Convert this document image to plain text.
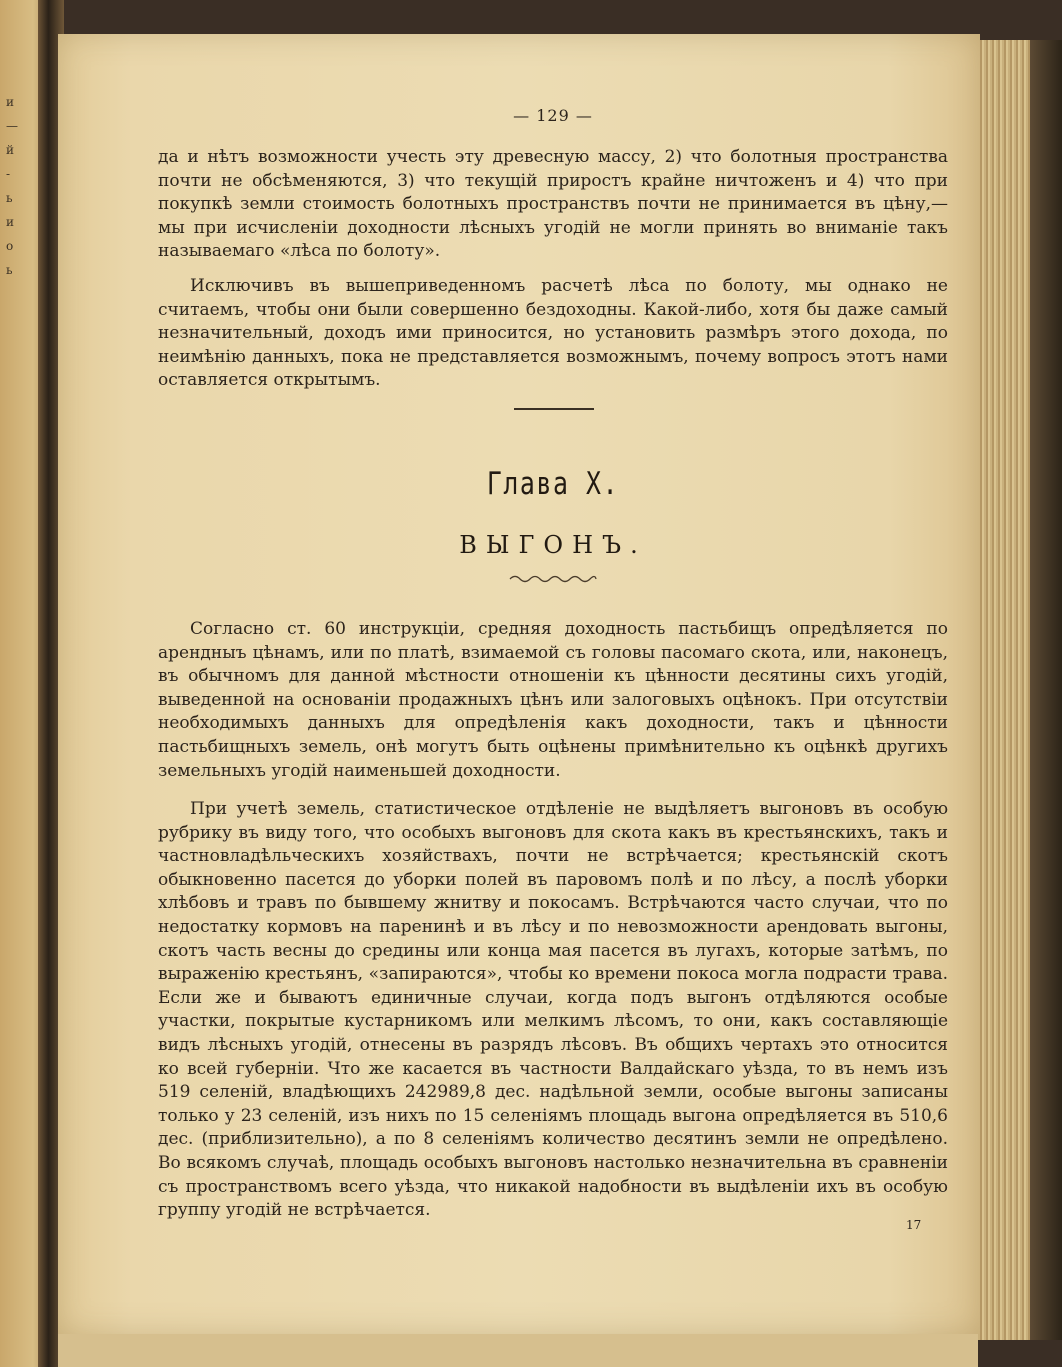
и
—
й
-
ь
и
о
ь
— 129 —

да и нѣтъ возможности учесть эту древесную массу, 2) что болотныя пространства почти не обсѣменяются, 3) что текущій приростъ крайне ничтоженъ и 4) что при покупкѣ земли стоимость болотныхъ пространствъ почти не принимается въ цѣну,—мы при исчисленіи доходности лѣсныхъ угодій не могли принять во вниманіе такъ называемаго «лѣса по болоту».

Исключивъ въ вышеприведенномъ расчетѣ лѣса по болоту, мы однако не считаемъ, чтобы они были совершенно бездоходны. Какой-либо, хотя бы даже самый незначительный, доходъ ими приносится, но установить размѣръ этого дохода, по неимѣнію данныхъ, пока не представляется возможнымъ, почему вопросъ этотъ нами оставляется открытымъ.

Глава X.
ВЫГОНЪ.

Согласно ст. 60 инструкціи, средняя доходность пастьбищъ опредѣляется по арендныъ цѣнамъ, или по платѣ, взимаемой съ головы пасомаго скота, или, наконецъ, въ обычномъ для данной мѣстности отношеніи къ цѣнности десятины сихъ угодій, выведенной на основаніи продажныхъ цѣнъ или залоговыхъ оцѣнокъ. При отсутствіи необходимыхъ данныхъ для опредѣленія какъ доходности, такъ и цѣнности пастьбищныхъ земель, онѣ могутъ быть оцѣнены примѣнительно къ оцѣнкѣ другихъ земельныхъ угодій наименьшей доходности.

При учетѣ земель, статистическое отдѣленіе не выдѣляетъ выгоновъ въ особую рубрику въ виду того, что особыхъ выгоновъ для скота какъ въ крестьянскихъ, такъ и частновладѣльческихъ хозяйствахъ, почти не встрѣчается; крестьянскій скотъ обыкновенно пасется до уборки полей въ паровомъ полѣ и по лѣсу, а послѣ уборки хлѣбовъ и травъ по бывшему жнитву и покосамъ. Встрѣчаются часто случаи, что по недостатку кормовъ на паренинѣ и въ лѣсу и по невозможности арендовать выгоны, скотъ часть весны до средины или конца мая пасется въ лугахъ, которые затѣмъ, по выраженію крестьянъ, «запираются», чтобы ко времени покоса могла подрасти трава. Если же и бываютъ единичные случаи, когда подъ выгонъ отдѣляются особые участки, покрытые кустарникомъ или мелкимъ лѣсомъ, то они, какъ составляющіе видъ лѣсныхъ угодій, отнесены въ разрядъ лѣсовъ. Въ общихъ чертахъ это относится ко всей губерніи. Что же касается въ частности Валдайскаго уѣзда, то въ немъ изъ 519 селеній, владѣющихъ 242989,8 дес. надѣльной земли, особые выгоны записаны только у 23 селеній, изъ нихъ по 15 селеніямъ площадь выгона опредѣляется въ 510,6 дес. (приблизительно), а по 8 селеніямъ количество десятинъ земли не опредѣлено. Во всякомъ случаѣ, площадь особыхъ выгоновъ настолько незначительна въ сравненіи съ пространствомъ всего уѣзда, что никакой надобности въ выдѣленіи ихъ въ особую группу угодій не встрѣчается.

17
